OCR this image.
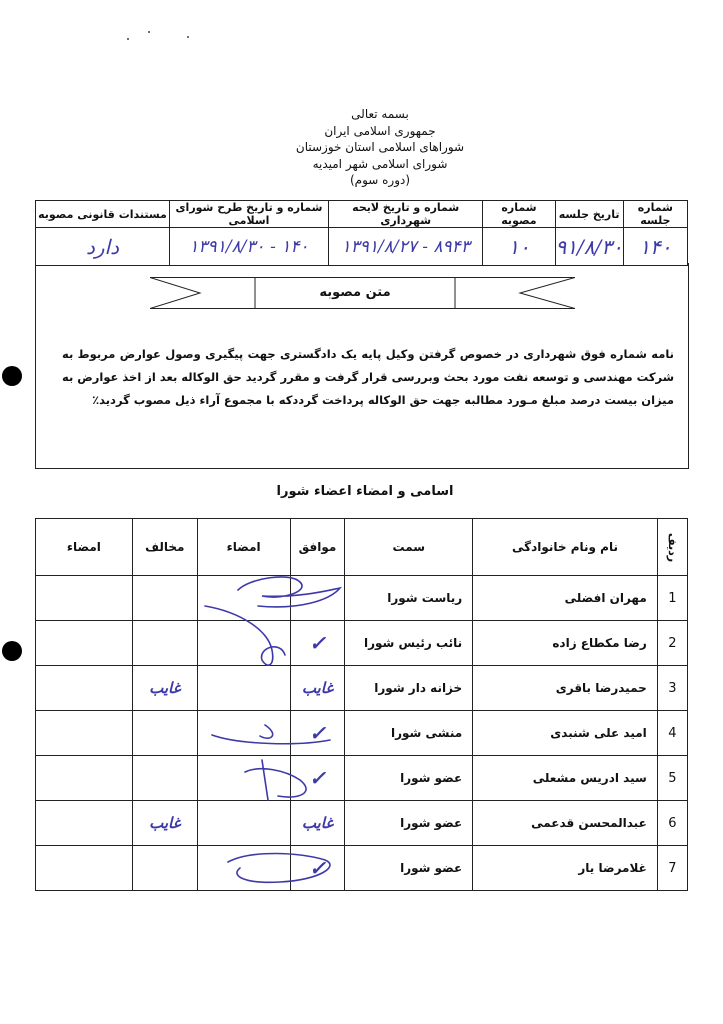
بسمه تعالی
جمهوری اسلامی ایران
شوراهای اسلامی استان خوزستان
شورای اسلامی شهر امیدیه
(دوره سوم)
شماره جلسه	تاریخ جلسه	شماره مصوبه	شماره و تاریخ لایحه شهرداری	شماره و تاریخ طرح شورای اسلامی	مستندات قانونی مصوبه
۱۴۰	۹۱/۸/۳۰	۱۰	۸۹۴۳ - ۱۳۹۱/۸/۲۷	۱۴۰ - ۱۳۹۱/۸/۳۰	دارد
متن مصوبه
نامه شماره فوق شهرداری در خصوص گرفتن وکیل پایه یک دادگستری جهت پیگیری وصول عوارض مربوط به شرکت مهندسی و توسعه نفت مورد بحث وبررسی قرار گرفت و مقرر گردید حق الوکاله بعد از اخذ عوارض به میزان بیست درصد مبلغ مـورد مطالبه جهت حق الوکاله پرداخت گرددکه با مجموع آراء ذیل مصوب گردید٪
اسامی و امضاء اعضاء شورا
ردیف	نام ونام خانوادگی	سمت	موافق	امضاء	مخالف	امضاء
1	مهران افضلی	ریاست شورا				
2	رضا مکطاع زاده	نائب رئیس شورا	✓			
3	حمیدرضا باقری	خزانه دار شورا	غایب		غایب	
4	امید علی شنبدی	منشی شورا	✓			
5	سید ادریس مشعلی	عضو شورا	✓			
6	عبدالمحسن قدعمی	عضو شورا	غایب		غایب	
7	غلامرضا یار	عضو شورا	✓			
